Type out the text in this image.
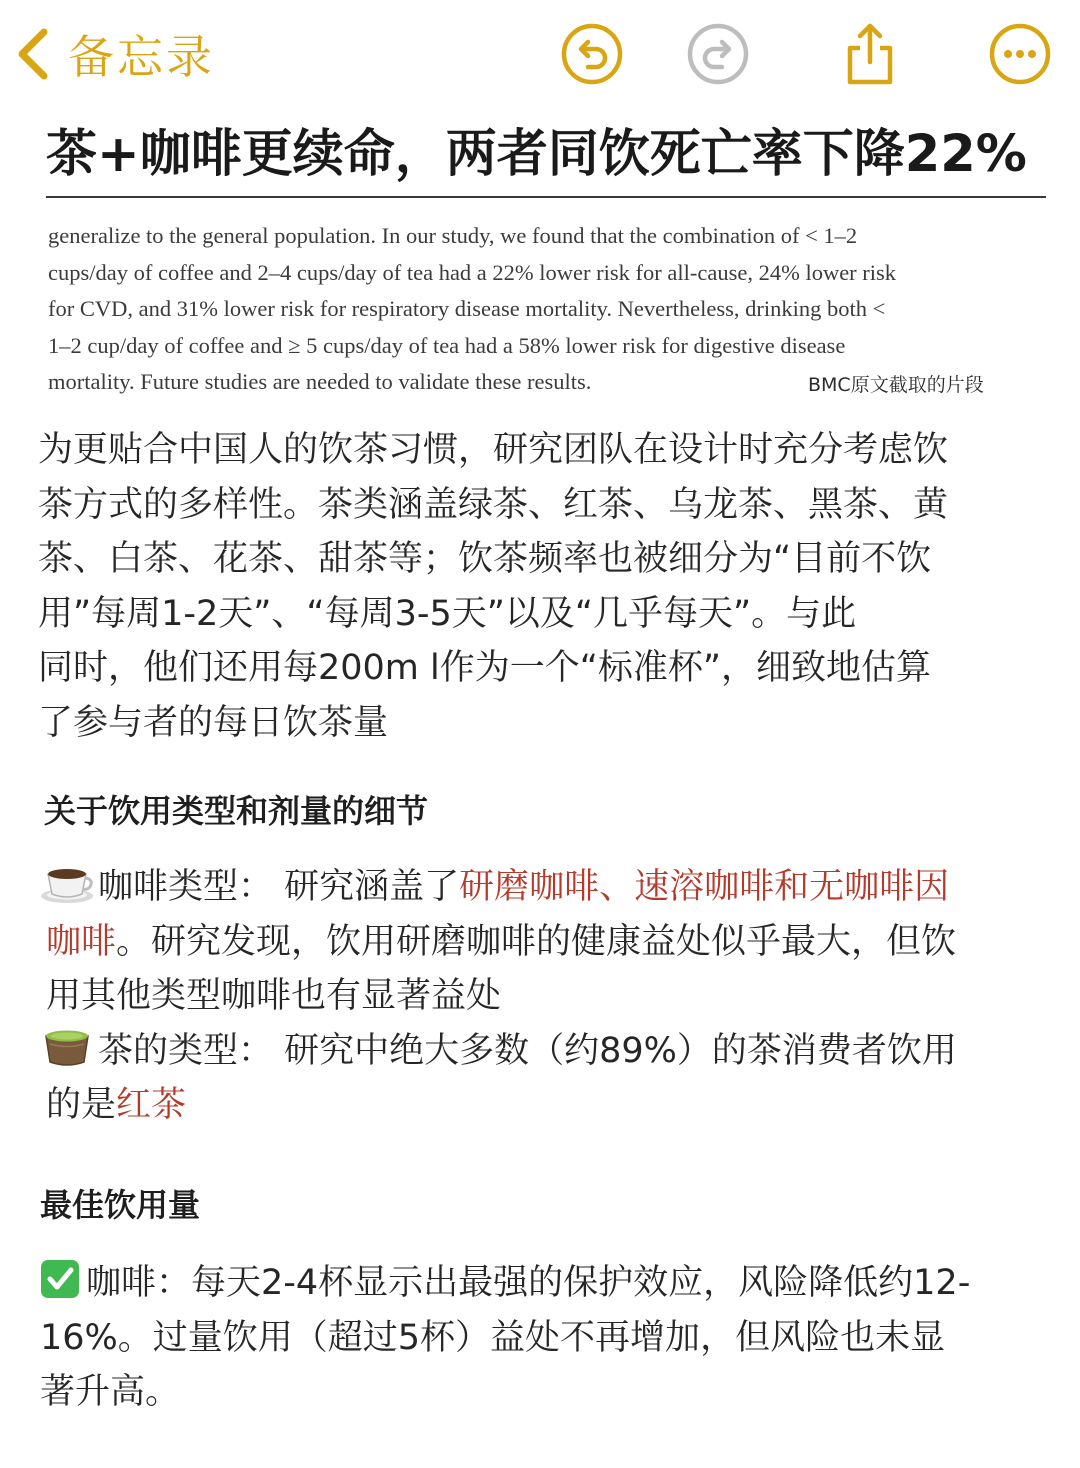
备忘录
茶+咖啡更续命，两者同饮死亡率下降22%

generalize to the general population. In our study, we found that the combination of < 1–2

cups/day of coffee and 2–4 cups/day of tea had a 22% lower risk for all-cause, 24% lower risk

for CVD, and 31% lower risk for respiratory disease mortality. Nevertheless, drinking both <

1–2 cup/day of coffee and ≥ 5 cups/day of tea had a 58% lower risk for digestive disease

mortality. Future studies are needed to validate these results.	BMC原文截取的片段

为更贴合中国人的饮茶习惯，研究团队在设计时充分考虑饮

茶方式的多样性。茶类涵盖绿茶、红茶、乌龙茶、黑茶、黄

茶、白茶、花茶、甜茶等；饮茶频率也被细分为“目前不饮

用”每周1-2天”、“每周3-5天”以及“几乎每天”。与此

同时，他们还用每200m l作为一个“标准杯”，细致地估算

了参与者的每日饮茶量

关于饮用类型和剂量的细节

咖啡类型： 研究涵盖了研磨咖啡、速溶咖啡和无咖啡因

咖啡。研究发现，饮用研磨咖啡的健康益处似乎最大，但饮

用其他类型咖啡也有显著益处

茶的类型： 研究中绝大多数（约89%）的茶消费者饮用

的是红茶

最佳饮用量

咖啡：每天2-4杯显示出最强的保护效应，风险降低约12-

16%。过量饮用（超过5杯）益处不再增加，但风险也未显

著升高。
